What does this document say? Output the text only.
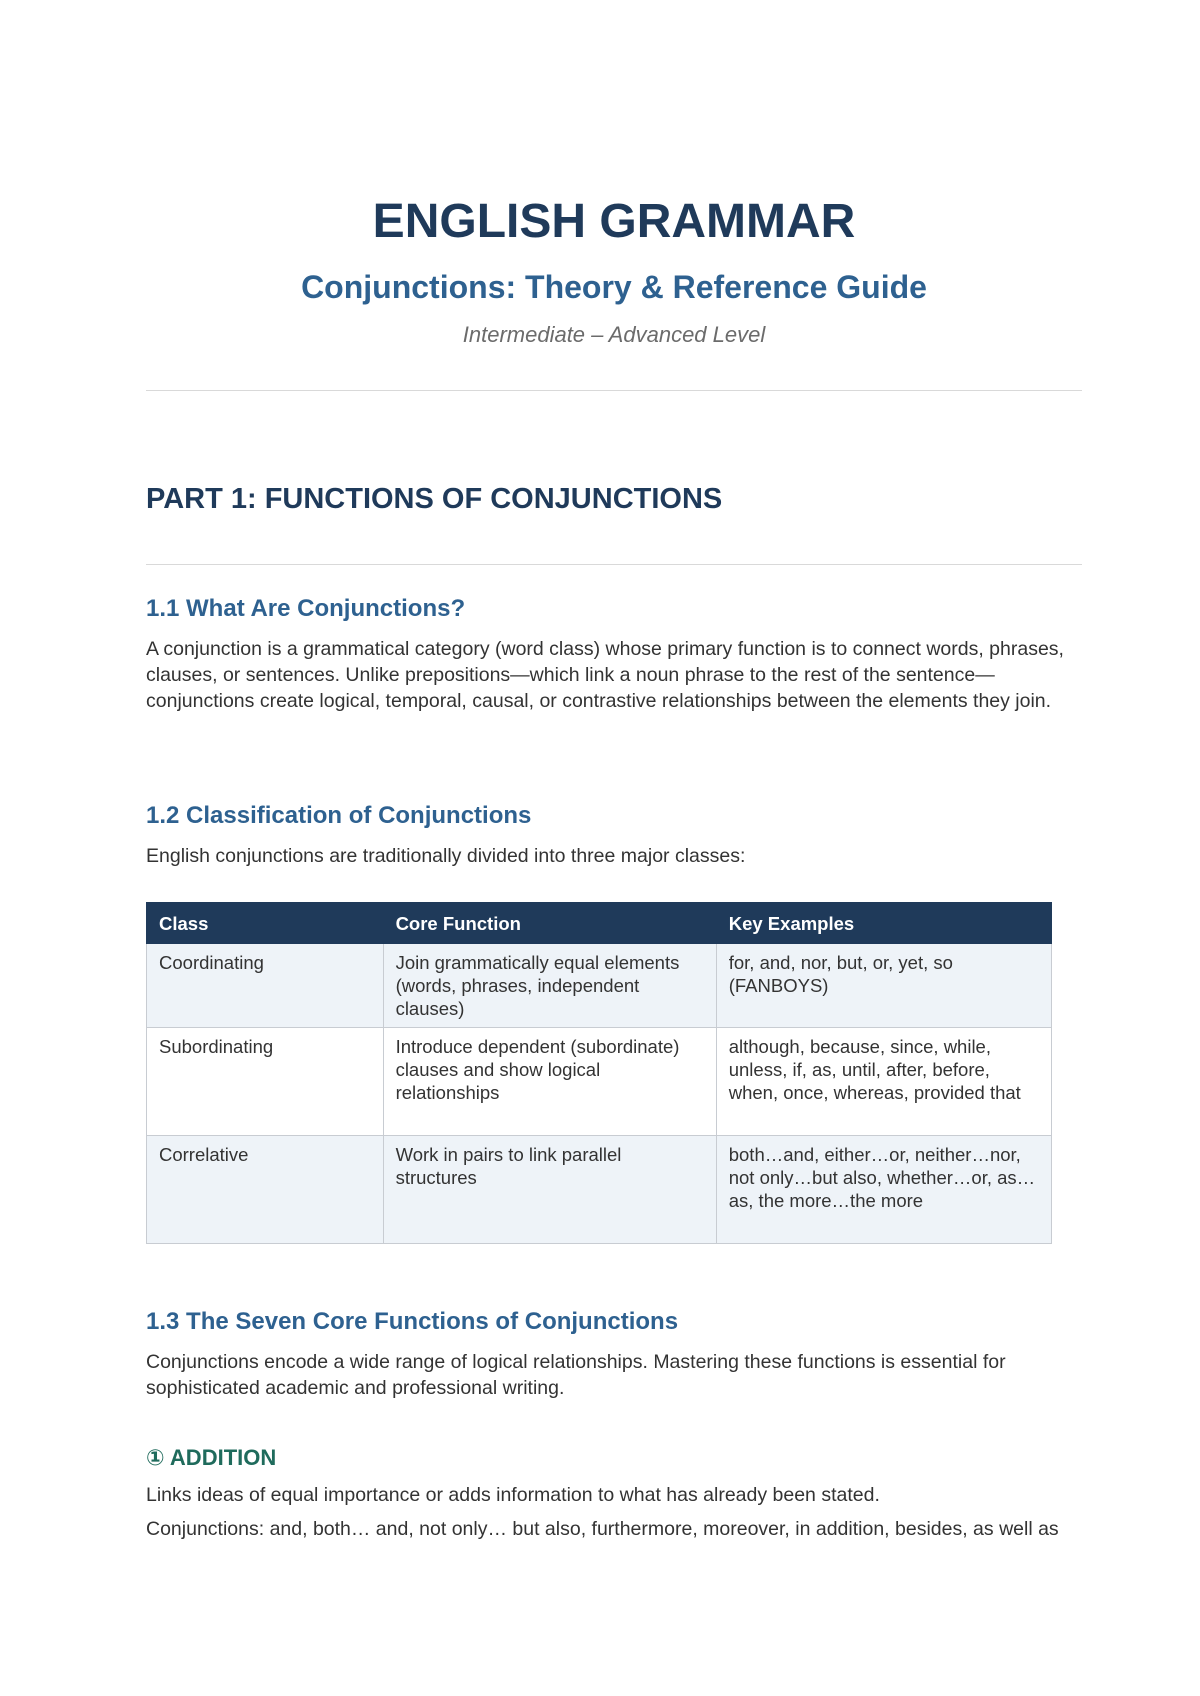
ENGLISH GRAMMAR
Conjunctions: Theory & Reference Guide

Intermediate – Advanced Level

PART 1: FUNCTIONS OF CONJUNCTIONS
1.1 What Are Conjunctions?

A conjunction is a grammatical category (word class) whose primary function is to connect words, phrases, clauses, or sentences. Unlike prepositions—which link a noun phrase to the rest of the sentence—conjunctions create logical, temporal, causal, or contrastive relationships between the elements they join.

1.2 Classification of Conjunctions

English conjunctions are traditionally divided into three major classes:

Class	Core Function	Key Examples
Coordinating	Join grammatically equal elements (words, phrases, independent clauses)	for, and, nor, but, or, yet, so (FANBOYS)
Subordinating	Introduce dependent (subordinate) clauses and show logical relationships	although, because, since, while, unless, if, as, until, after, before, when, once, whereas, provided that
Correlative	Work in pairs to link parallel structures	both…and, either…or, neither…nor, not only…but also, whether…or, as…as, the more…the more
1.3 The Seven Core Functions of Conjunctions

Conjunctions encode a wide range of logical relationships. Mastering these functions is essential for sophisticated academic and professional writing.

① ADDITION

Links ideas of equal importance or adds information to what has already been stated.

Conjunctions: and, both… and, not only… but also, furthermore, moreover, in addition, besides, as well as
